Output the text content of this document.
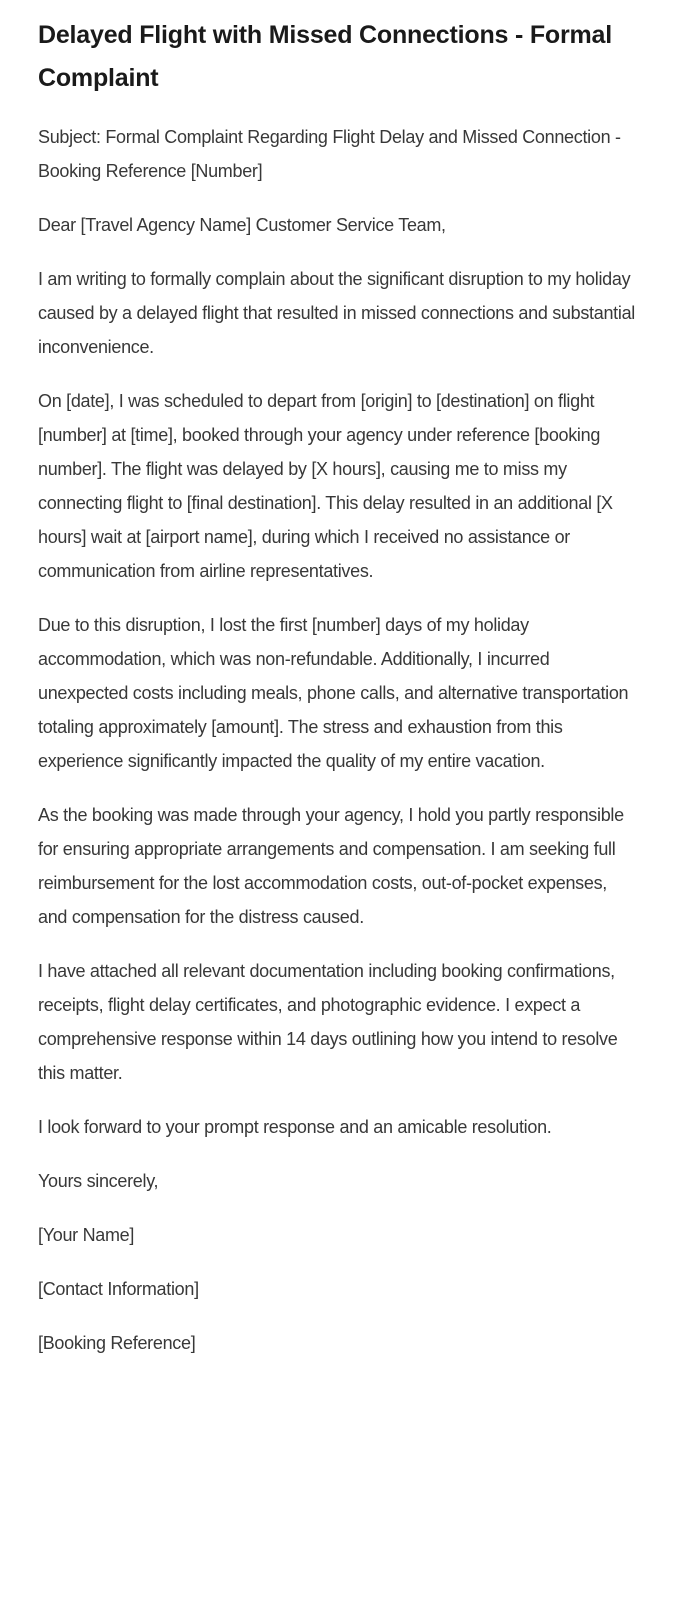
Delayed Flight with Missed Connections - Formal Complaint

Subject: Formal Complaint Regarding Flight Delay and Missed Connection - Booking Reference [Number]

Dear [Travel Agency Name] Customer Service Team,

I am writing to formally complain about the significant disruption to my holiday caused by a delayed flight that resulted in missed connections and substantial inconvenience.

On [date], I was scheduled to depart from [origin] to [destination] on flight [number] at [time], booked through your agency under reference [booking number]. The flight was delayed by [X hours], causing me to miss my connecting flight to [final destination]. This delay resulted in an additional [X hours] wait at [airport name], during which I received no assistance or communication from airline representatives.

Due to this disruption, I lost the first [number] days of my holiday accommodation, which was non-refundable. Additionally, I incurred unexpected costs including meals, phone calls, and alternative transportation totaling approximately [amount]. The stress and exhaustion from this experience significantly impacted the quality of my entire vacation.

As the booking was made through your agency, I hold you partly responsible for ensuring appropriate arrangements and compensation. I am seeking full reimbursement for the lost accommodation costs, out-of-pocket expenses, and compensation for the distress caused.

I have attached all relevant documentation including booking confirmations, receipts, flight delay certificates, and photographic evidence. I expect a comprehensive response within 14 days outlining how you intend to resolve this matter.

I look forward to your prompt response and an amicable resolution.

Yours sincerely,

[Your Name]

[Contact Information]

[Booking Reference]
